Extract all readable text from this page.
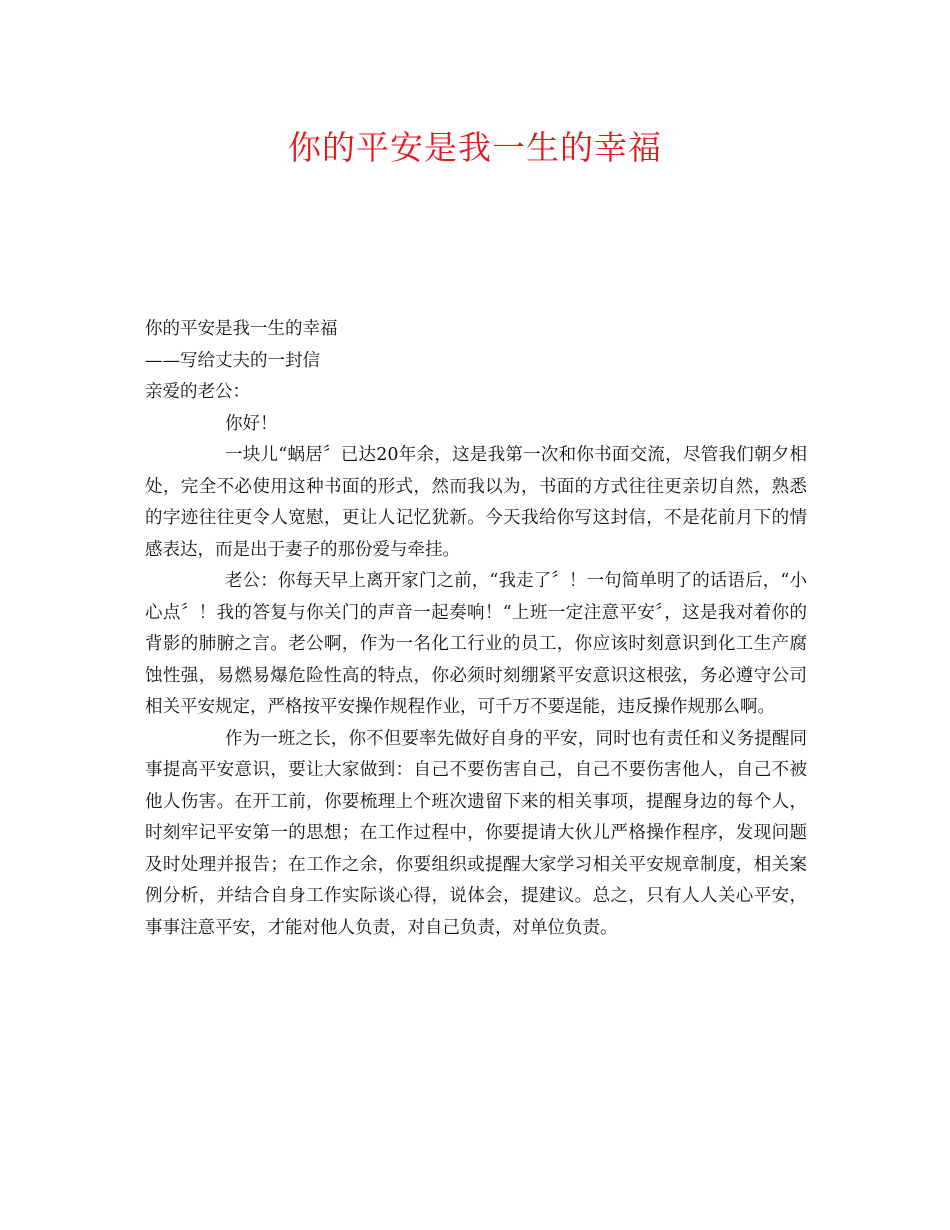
你的平安是我一生的幸福

你的平安是我一生的幸福

——写给丈夫的一封信

亲爱的老公：

你好！

一块儿“蜗居〞已达20年余，这是我第一次和你书面交流，尽管我们朝夕相处，完全不必使用这种书面的形式，然而我以为，书面的方式往往更亲切自然，熟悉的字迹往往更令人宽慰，更让人记忆犹新。今天我给你写这封信，不是花前月下的情感表达，而是出于妻子的那份爱与牵挂。

老公：你每天早上离开家门之前，“我走了〞！一句简单明了的话语后，“小心点〞！我的答复与你关门的声音一起奏响！“上班一定注意平安〞，这是我对着你的背影的肺腑之言。老公啊，作为一名化工行业的员工，你应该时刻意识到化工生产腐蚀性强，易燃易爆危险性高的特点，你必须时刻绷紧平安意识这根弦，务必遵守公司相关平安规定，严格按平安操作规程作业，可千万不要逞能，违反操作规那么啊。

作为一班之长，你不但要率先做好自身的平安，同时也有责任和义务提醒同事提高平安意识，要让大家做到：自己不要伤害自己，自己不要伤害他人，自己不被他人伤害。在开工前，你要梳理上个班次遗留下来的相关事项，提醒身边的每个人，时刻牢记平安第一的思想；在工作过程中，你要提请大伙儿严格操作程序，发现问题及时处理并报告；在工作之余，你要组织或提醒大家学习相关平安规章制度，相关案例分析，并结合自身工作实际谈心得，说体会，提建议。总之，只有人人关心平安，事事注意平安，才能对他人负责，对自己负责，对单位负责。
